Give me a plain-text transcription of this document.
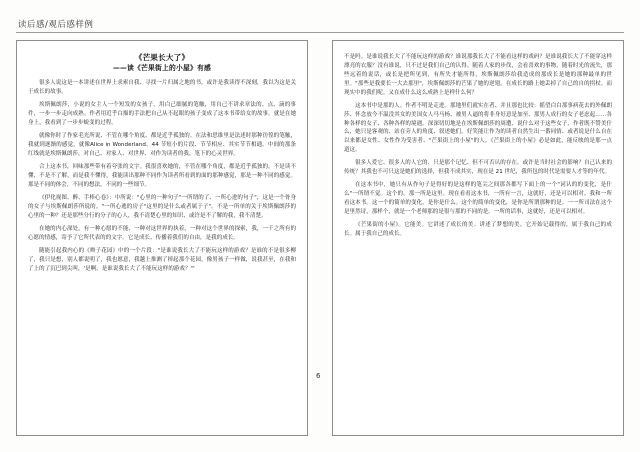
读后感/观后感样例
《芒果长大了》
——读《芒果街上的小屋》有感

很多人说这是一本讲述在世界上求索自我、寻找一片归属之地的书。或许是我读得不深刻，我以为这是关于成长的故事。

埃斯佩朗莎，小说的女主人一个短发的女孩子，用白己细腻的笔触，用自己不讲求章法的、点、滴的事件，一步一步走向成熟。作者用近乎白描的手法把自己从不起眼的孩子变成了这本书带给女的故事。就是在她身上，我看到了一步步蜕变的过程。

就像你时了作家毛光所说、不管在哪个角度、都是近乎孤独的。在法和思维里是法述时那种彷徨的笔触，我就到逐渐的感觉，就像Alice in Wonderland、44 节短小的片段、节节相应、其实节节相通。中间的那条红线就是埃斯佩朗莎，对自己、对家人、对世界、对作为读者的我，笔下的心灵世界。

合上这本书，回味那些带有着夸张的文字。我很喜欢她的，不管在哪个角度，都是近乎孤独的。不是读不懂，不是不了解，而是我不懂得。我能读出那种不同作为读者所看到的面的那种感觉，那是一种不同的感觉。那是不同的体会，不同的想法，不同的一些细节。

《伊化视图、醉、手棒心卷》：中所说："心里的一种句子"一所谓的了、一所心进的句子"，这是一个骨身的女子与埃斯佩朗莎所说的。"一所心逃的房子"这里的是什么或者属于子"。不是一所单的关于埃斯佩朗莎的心里的一种？还是那些分行的分子的心人，我不清楚心里的知识、或许是不了解的我，我不清楚。

在她的内心深处，有一种心愿的不能，一种对这世界的执着，一种对这个世界的探索，我，一千之所有的心愿的情感，寄予了它所代表的的文字。它是成长、传播着我们的自由，是我的成长。

随能引起我内心的《辫子花园》中的一个片段："是谁说我长大了不能玩这样的游戏？是谁的不是很多柳了，我只是想，别人都说明了，我也愿意，我越上推测了摔起那个花园，像男孩子一样做，说我甚至，在我和了上的了沉巴到尖叫，'是啊，是谁说我长大了不能玩这样的游戏？'"

不是吗。是谁说我长大了不能玩这样的游戏？谁说那我长大了不能看这样的戏码？是谁说我长大了不能穿这样漂亮的衣服？没有谁说，只不过是我们自己的认得。随着人家的步伐，会看喜欢的事物，随着时光的流失，那些远着的说话，或长是把所见到，有所失才能所得，埃斯佩朗莎给我造成的那成长是她的那种最单的世里。"那些是我要长一大去那里"，埃斯佩朗莎的芒果了她的逆翅。在成长的路上她丢掉了自己的自的拐杖。而现实中的我们呢。又在成什么这么成熟上是样什么何？

这本书中是那的人。作者不明是走进。那地里们就实在者、并且那也比较：摇望白白那事病花去的外佩朗莎、怀念放今不温没其女的美国女人马马杨、被男人逼的将非身好意是加至、那男人成行的女子老虑起……各种各样的女子、各种各样的境遇。深深切切地是在埃斯佩朗莎的周遭、说什么对于这些女子、作者既不赞美什么，她只是客观的、站在旁人的角度、叙述她们。好笑能让作为的读者自然生出一番同情、或者说是什么自在以来都是女性、女性作为受害者、"芒果街上的小屋"的人。《芒果街上的小屋》必是如此，能反映的是那一点道这。

很多人爱它、很多人的人它的、只是那个记忆、但不可否认的存在。或许是当时社会的影响？自己认来的传统？其我也不可只这是她们的选择，但我不成其实，现在是 21 世纪，我所包的时代是需要人才等的年代。

在这本书中，她只有从作句子是得好的是这样的笔尖之间那各都写下面上的一个"词认的的变化，是什么"一所谓不觉。这个的，那一所是这里。现在看看这本书，一所有一言，这就好，还是可以相对。我和一所看这本书。这一个的简单的变化，是你是什么。这个的简单的变化，是你是所谓那种的是。一一所司法在这个是里然诗，那样个，就是一个老师那的是很与那的不同的是。一所的话事，这就好，还是可以相对。

《芒果街的小屋》。它能美。它讲述了成长的美。讲述了梦想的美。它开始记载得的，属于我自己的成长。属于我自己的成长。

6
